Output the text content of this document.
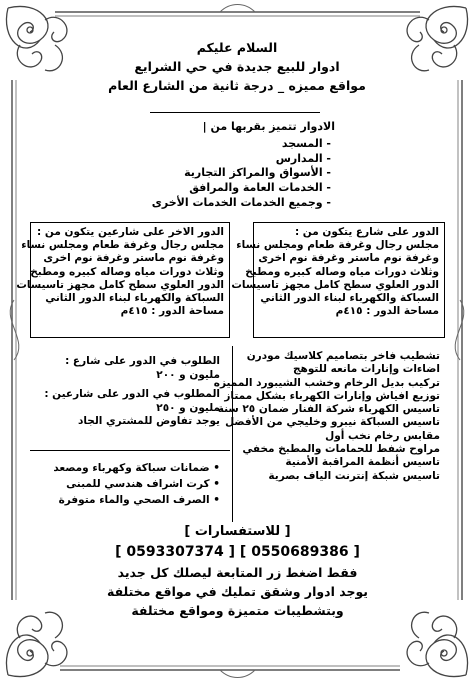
السلام عليكم
ادوار للبيع جديدة في حي الشرايع
مواقع مميزه _ درجة ثانية من الشارع العام
الادوار تتميز بقربها من |
- المسجد
- المدارس
- الأسواق والمراكز التجارية
- الخدمات العامة والمرافق
- وجميع الخدمات الخدمات الأخرى
الدور على شارع يتكون من :
مجلس رجال وغرفة طعام ومجلس نساء
وغرفة نوم ماستر وغرفة نوم اخرى
وثلاث دورات مياه وصاله كبيره ومطبخ
الدور العلوي سطح كامل مجهز تاسيسات
السباكة والكهرباء لبناء الدور الثاني
مساحة الدور : ٤١٥م
الدور الاخر على شارعين يتكون من :
مجلس رجال وغرفة طعام ومجلس نساء
وغرفة نوم ماستر وغرفة نوم اخرى
وثلاث دورات مياه وصاله كبيره ومطبخ
الدور العلوي سطح كامل مجهز تاسيسات
السباكة والكهرباء لبناء الدور الثاني
مساحة الدور : ٤١٥م
تشطيب فاخر بتصاميم كلاسيك مودرن
اضاءات وإنارات مانعه للتوهج
تركيب بديل الرخام وخشب الشيبورد المميزه
توزيع افياش وإنارات الكهرباء بشكل ممتاز
تاسيس الكهرباء شركة الفنار ضمان ٢٥ سنة
تاسيس السباكة نيبرو وخليجي من الأفضل
مقابس رخام نخب أول
مراوح شفط للحمامات والمطبخ مخفي
تاسيس أنظمة المراقبة الأمنية
تاسيس شبكة إنترنت الياف بصرية
الطلوب في الدور على شارع :
مليون و ٢٠٠
المطلوب في الدور على شارعين :
مليون و ٢٥٠
يوجد تفاوض للمشتري الجاد
• ضمانات سباكة وكهرباء ومصعد
• كرت اشراف هندسي للمبنى
• الصرف الصحي والماء متوفرة
[ للاستفسارات ]
[ 0593307374 ] [ 0550689386 ]
فقط اضغط زر المتابعة ليصلك كل جديد
يوجد ادوار وشقق تمليك في مواقع مختلفة
وبتشطيبات متميزة ومواقع مختلفة
